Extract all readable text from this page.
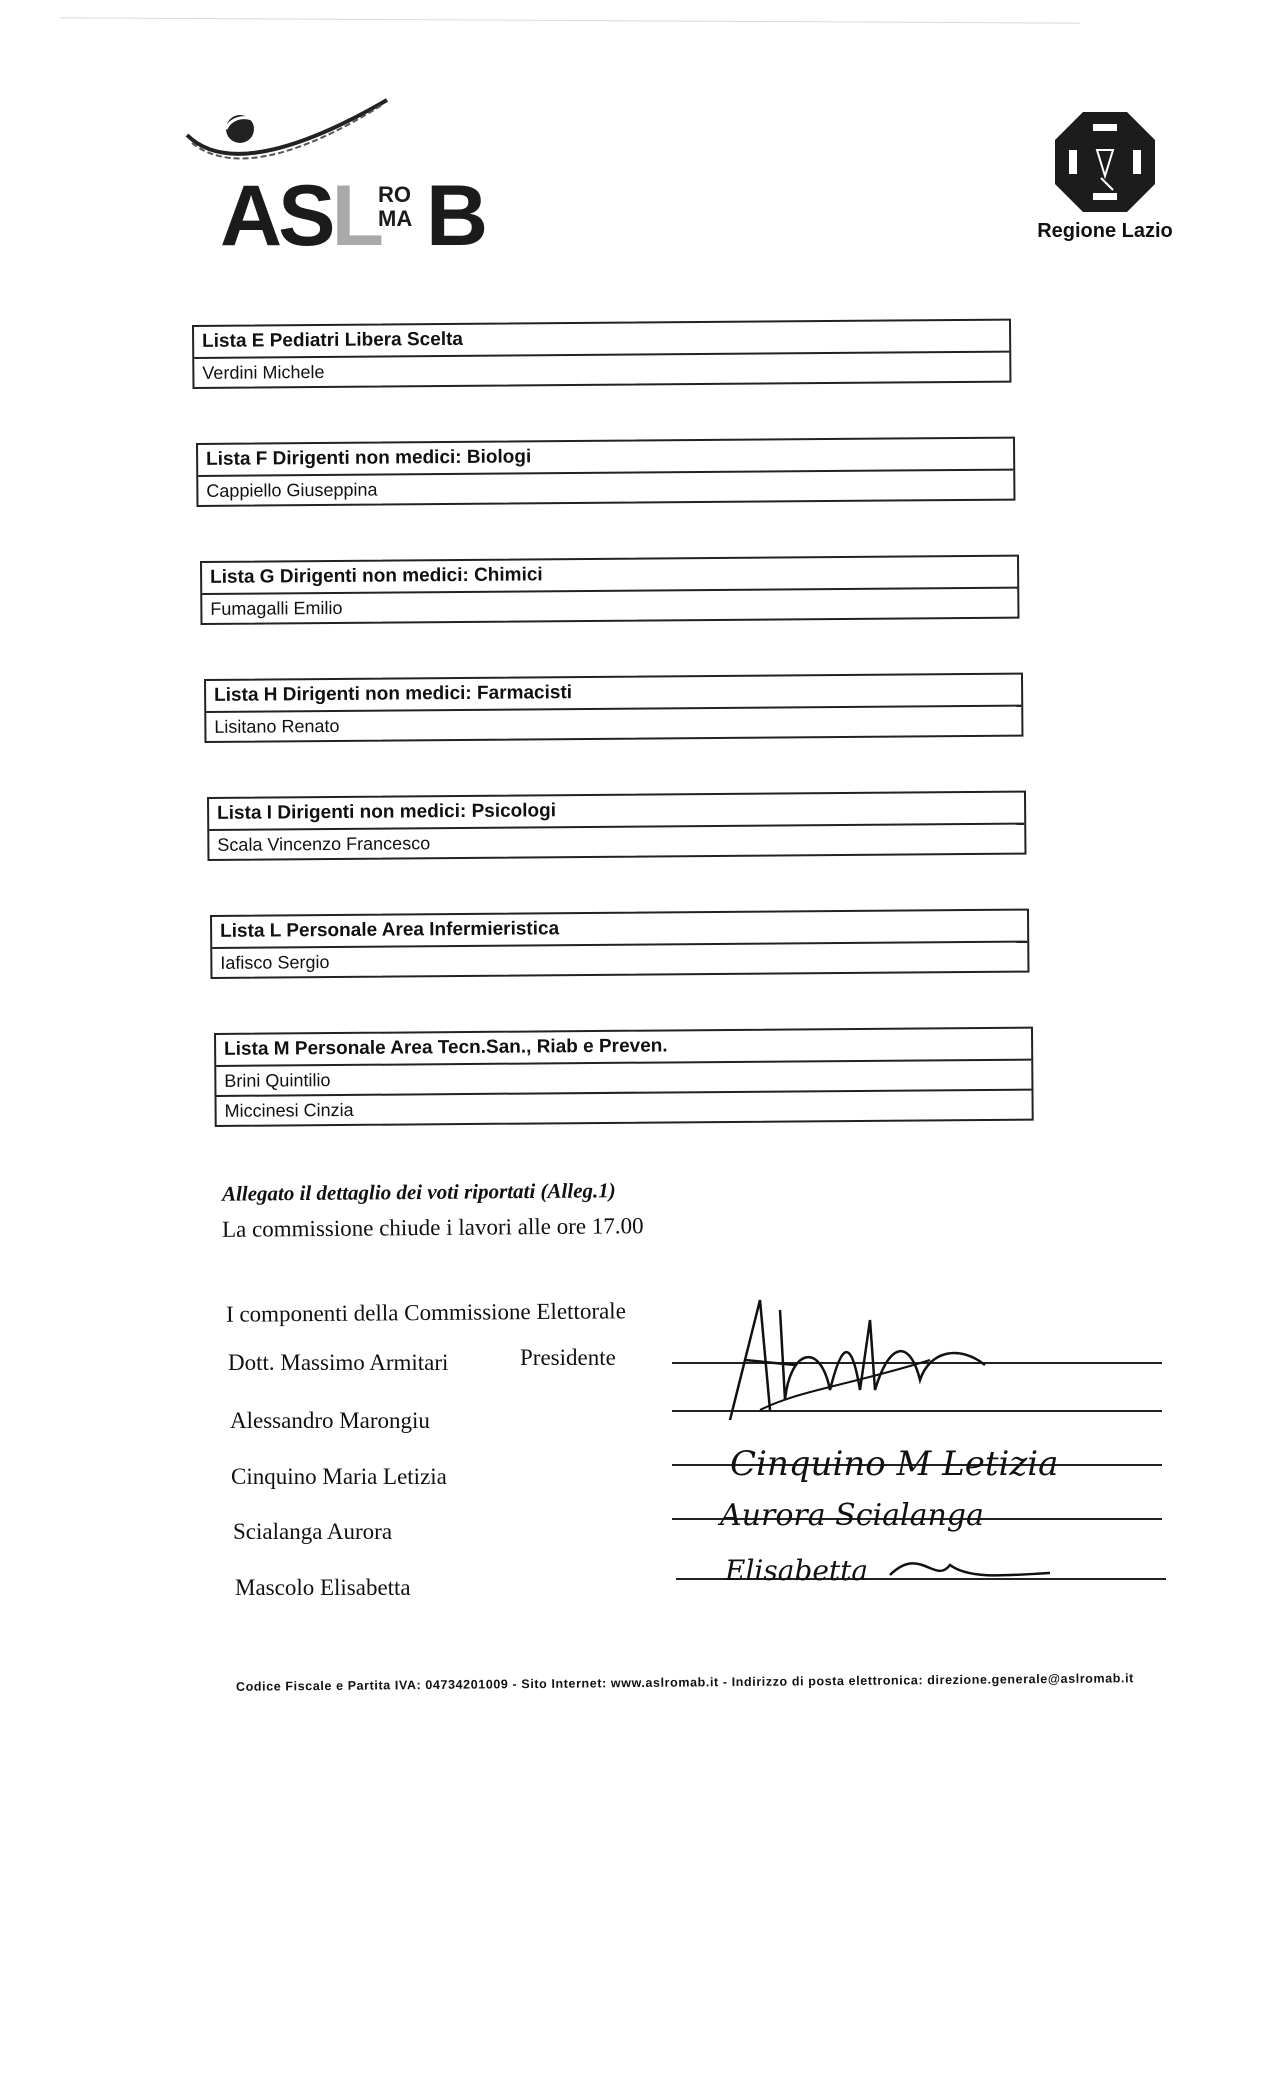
ASL
RO
MA B	Regione Lazio
Lista E Pediatri Libera Scelta
Verdini Michele
Lista F Dirigenti non medici: Biologi
Cappiello Giuseppina
Lista G Dirigenti non medici: Chimici
Fumagalli Emilio
Lista H Dirigenti non medici: Farmacisti
Lisitano Renato
Lista I Dirigenti non medici: Psicologi
Scala Vincenzo Francesco
Lista L Personale Area Infermieristica
Iafisco Sergio
Lista M Personale Area Tecn.San., Riab e Preven.
Brini Quintilio
Miccinesi Cinzia
Allegato il dettaglio dei voti riportati (Alleg.1)
La commissione chiude i lavori alle ore 17.00
I componenti della Commissione Elettorale
Dott. Massimo Armitari	Presidente
Alessandro Marongiu
Cinquino Maria Letizia
Scialanga Aurora
Mascolo Elisabetta
Cinquino M Letizia
Aurora Scialanga
Elisabetta
Codice Fiscale e Partita IVA: 04734201009 - Sito Internet: www.aslromab.it - Indirizzo di posta elettronica: direzione.generale@aslromab.it
